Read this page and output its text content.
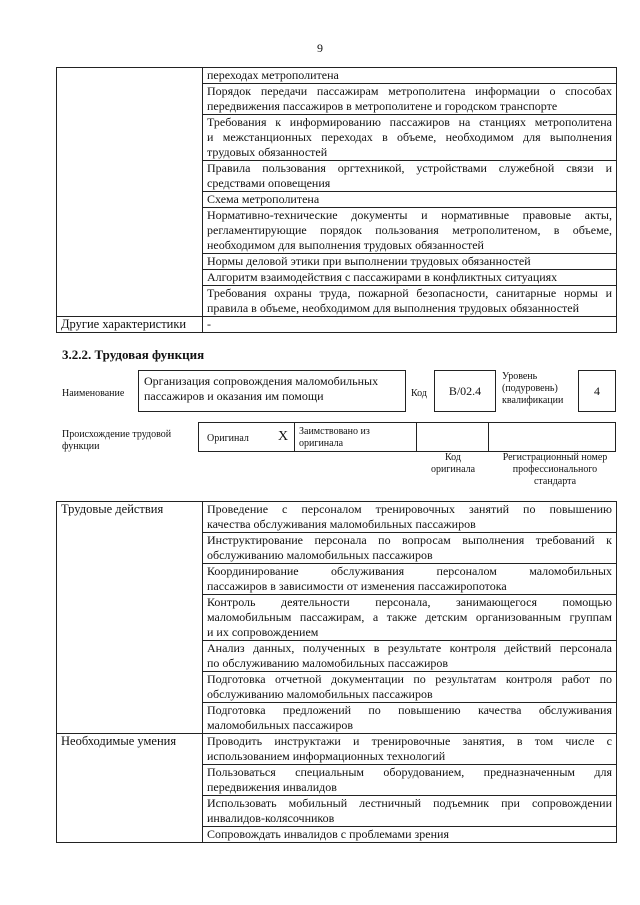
9

	переходах метрополитена

	Порядок передачи пассажирам метрополитена информации о способах
передвижения пассажиров в метрополитене и городском транспорте

	Требования к информированию пассажиров на станциях метрополитена
и межстанционных переходах в объеме, необходимом для выполнения
трудовых обязанностей

	Правила пользования оргтехникой, устройствами служебной связи и
средствами оповещения

	Схема метрополитена

	Нормативно-технические документы и нормативные правовые акты,
регламентирующие порядок пользования метрополитеном, в объеме,
необходимом для выполнения трудовых обязанностей

	Нормы деловой этики при выполнении трудовых обязанностей

	Алгоритм взаимодействия с пассажирами в конфликтных ситуациях

	Требования охраны труда, пожарной безопасности, санитарные нормы и
правила в объеме, необходимом для выполнения трудовых обязанностей

Другие характеристики	-
3.2.2. Трудовая функция
Наименование
Организация сопровождения маломобильных
пассажиров и оказания им помощи	Код	В/02.4
Уровень
(подуровень)
квалификации
4
Происхождение трудовой
функции
Оригинал X Заимствовано из
оригинала
Код
оригинала
Регистрационный номер
профессионального
стандарта
Трудовые действия	Проведение с персоналом тренировочных занятий по повышению
качества обслуживания маломобильных пассажиров

	Инструктирование персонала по вопросам выполнения требований к
обслуживанию маломобильных пассажиров

	Координирование обслуживания персоналом маломобильных
пассажиров в зависимости от изменения пассажиропотока

	Контроль деятельности персонала, занимающегося помощью
маломобильным пассажирам, а также детским организованным группам
и их сопровождением

	Анализ данных, полученных в результате контроля действий персонала
по обслуживанию маломобильных пассажиров

	Подготовка отчетной документации по результатам контроля работ по
обслуживанию маломобильных пассажиров

	Подготовка предложений по повышению качества обслуживания
маломобильных пассажиров

Необходимые умения	Проводить инструктажи и тренировочные занятия, в том числе с
использованием информационных технологий

	Пользоваться специальным оборудованием, предназначенным для
передвижения инвалидов

	Использовать мобильный лестничный подъемник при сопровождении
инвалидов-колясочников

	Сопровождать инвалидов с проблемами зрения
